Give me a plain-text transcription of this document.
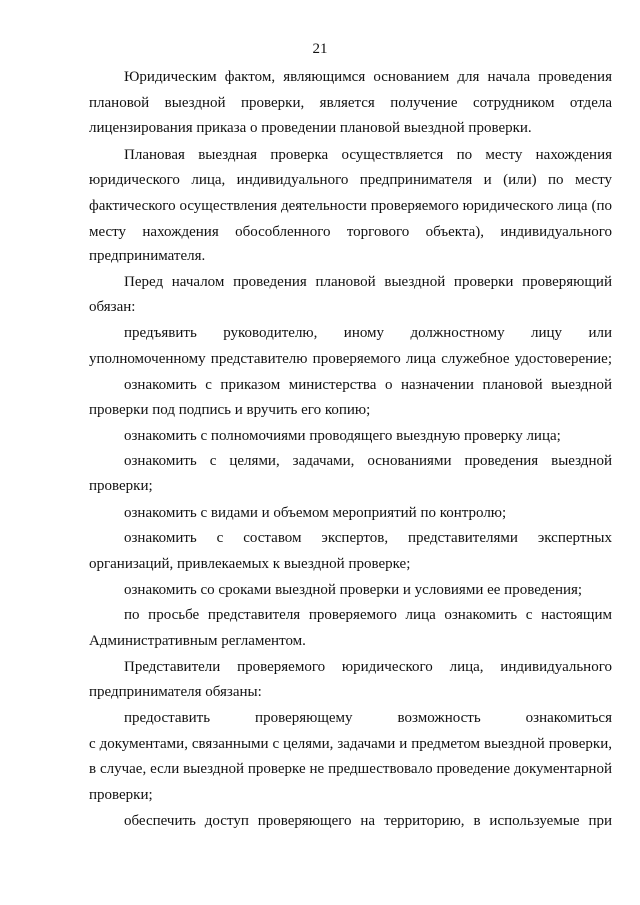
21
Юридическим фактом, являющимся основанием для начала проведения
плановой выездной проверки, является получение сотрудником отдела
лицензирования приказа о проведении плановой выездной проверки.
Плановая выездная проверка осуществляется по месту нахождения
юридического лица, индивидуального предпринимателя и (или) по месту
фактического осуществления деятельности проверяемого юридического лица (по
месту нахождения обособленного торгового объекта), индивидуального
предпринимателя.
Перед началом проведения плановой выездной проверки проверяющий
обязан:
предъявить руководителю, иному должностному лицу или
уполномоченному представителю проверяемого лица служебное удостоверение;
ознакомить с приказом министерства о назначении плановой выездной
проверки под подпись и вручить его копию;
ознакомить с полномочиями проводящего выездную проверку лица;
ознакомить с целями, задачами, основаниями проведения выездной
проверки;
ознакомить с видами и объемом мероприятий по контролю;
ознакомить с составом экспертов, представителями экспертных
организаций, привлекаемых к выездной проверке;
ознакомить со сроками выездной проверки и условиями ее проведения;
по просьбе представителя проверяемого лица ознакомить с настоящим
Административным регламентом.
Представители проверяемого юридического лица, индивидуального
предпринимателя обязаны:
предоставить проверяющему возможность ознакомиться
с документами, связанными с целями, задачами и предметом выездной проверки,
в случае, если выездной проверке не предшествовало проведение документарной
проверки;
обеспечить доступ проверяющего на территорию, в используемые при
